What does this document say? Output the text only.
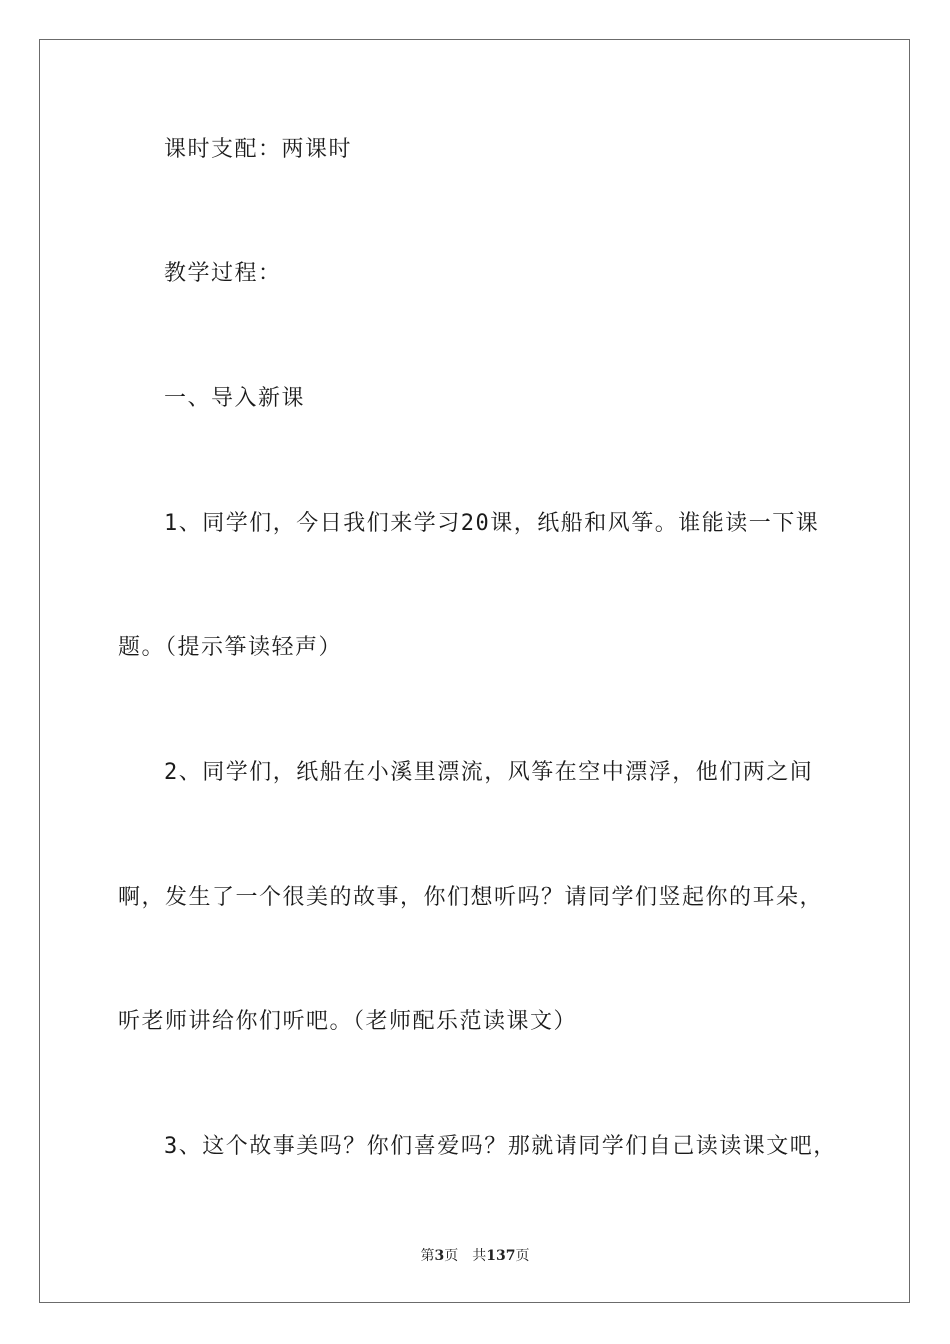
课时支配：两课时
教学过程：
一、导入新课
1、同学们，今日我们来学习20课，纸船和风筝。谁能读一下课
题。（提示筝读轻声）
2、同学们，纸船在小溪里漂流，风筝在空中漂浮，他们两之间
啊，发生了一个很美的故事，你们想听吗？请同学们竖起你的耳朵，
听老师讲给你们听吧。（老师配乐范读课文）
3、这个故事美吗？你们喜爱吗？那就请同学们自己读读课文吧，
第3页 共137页
